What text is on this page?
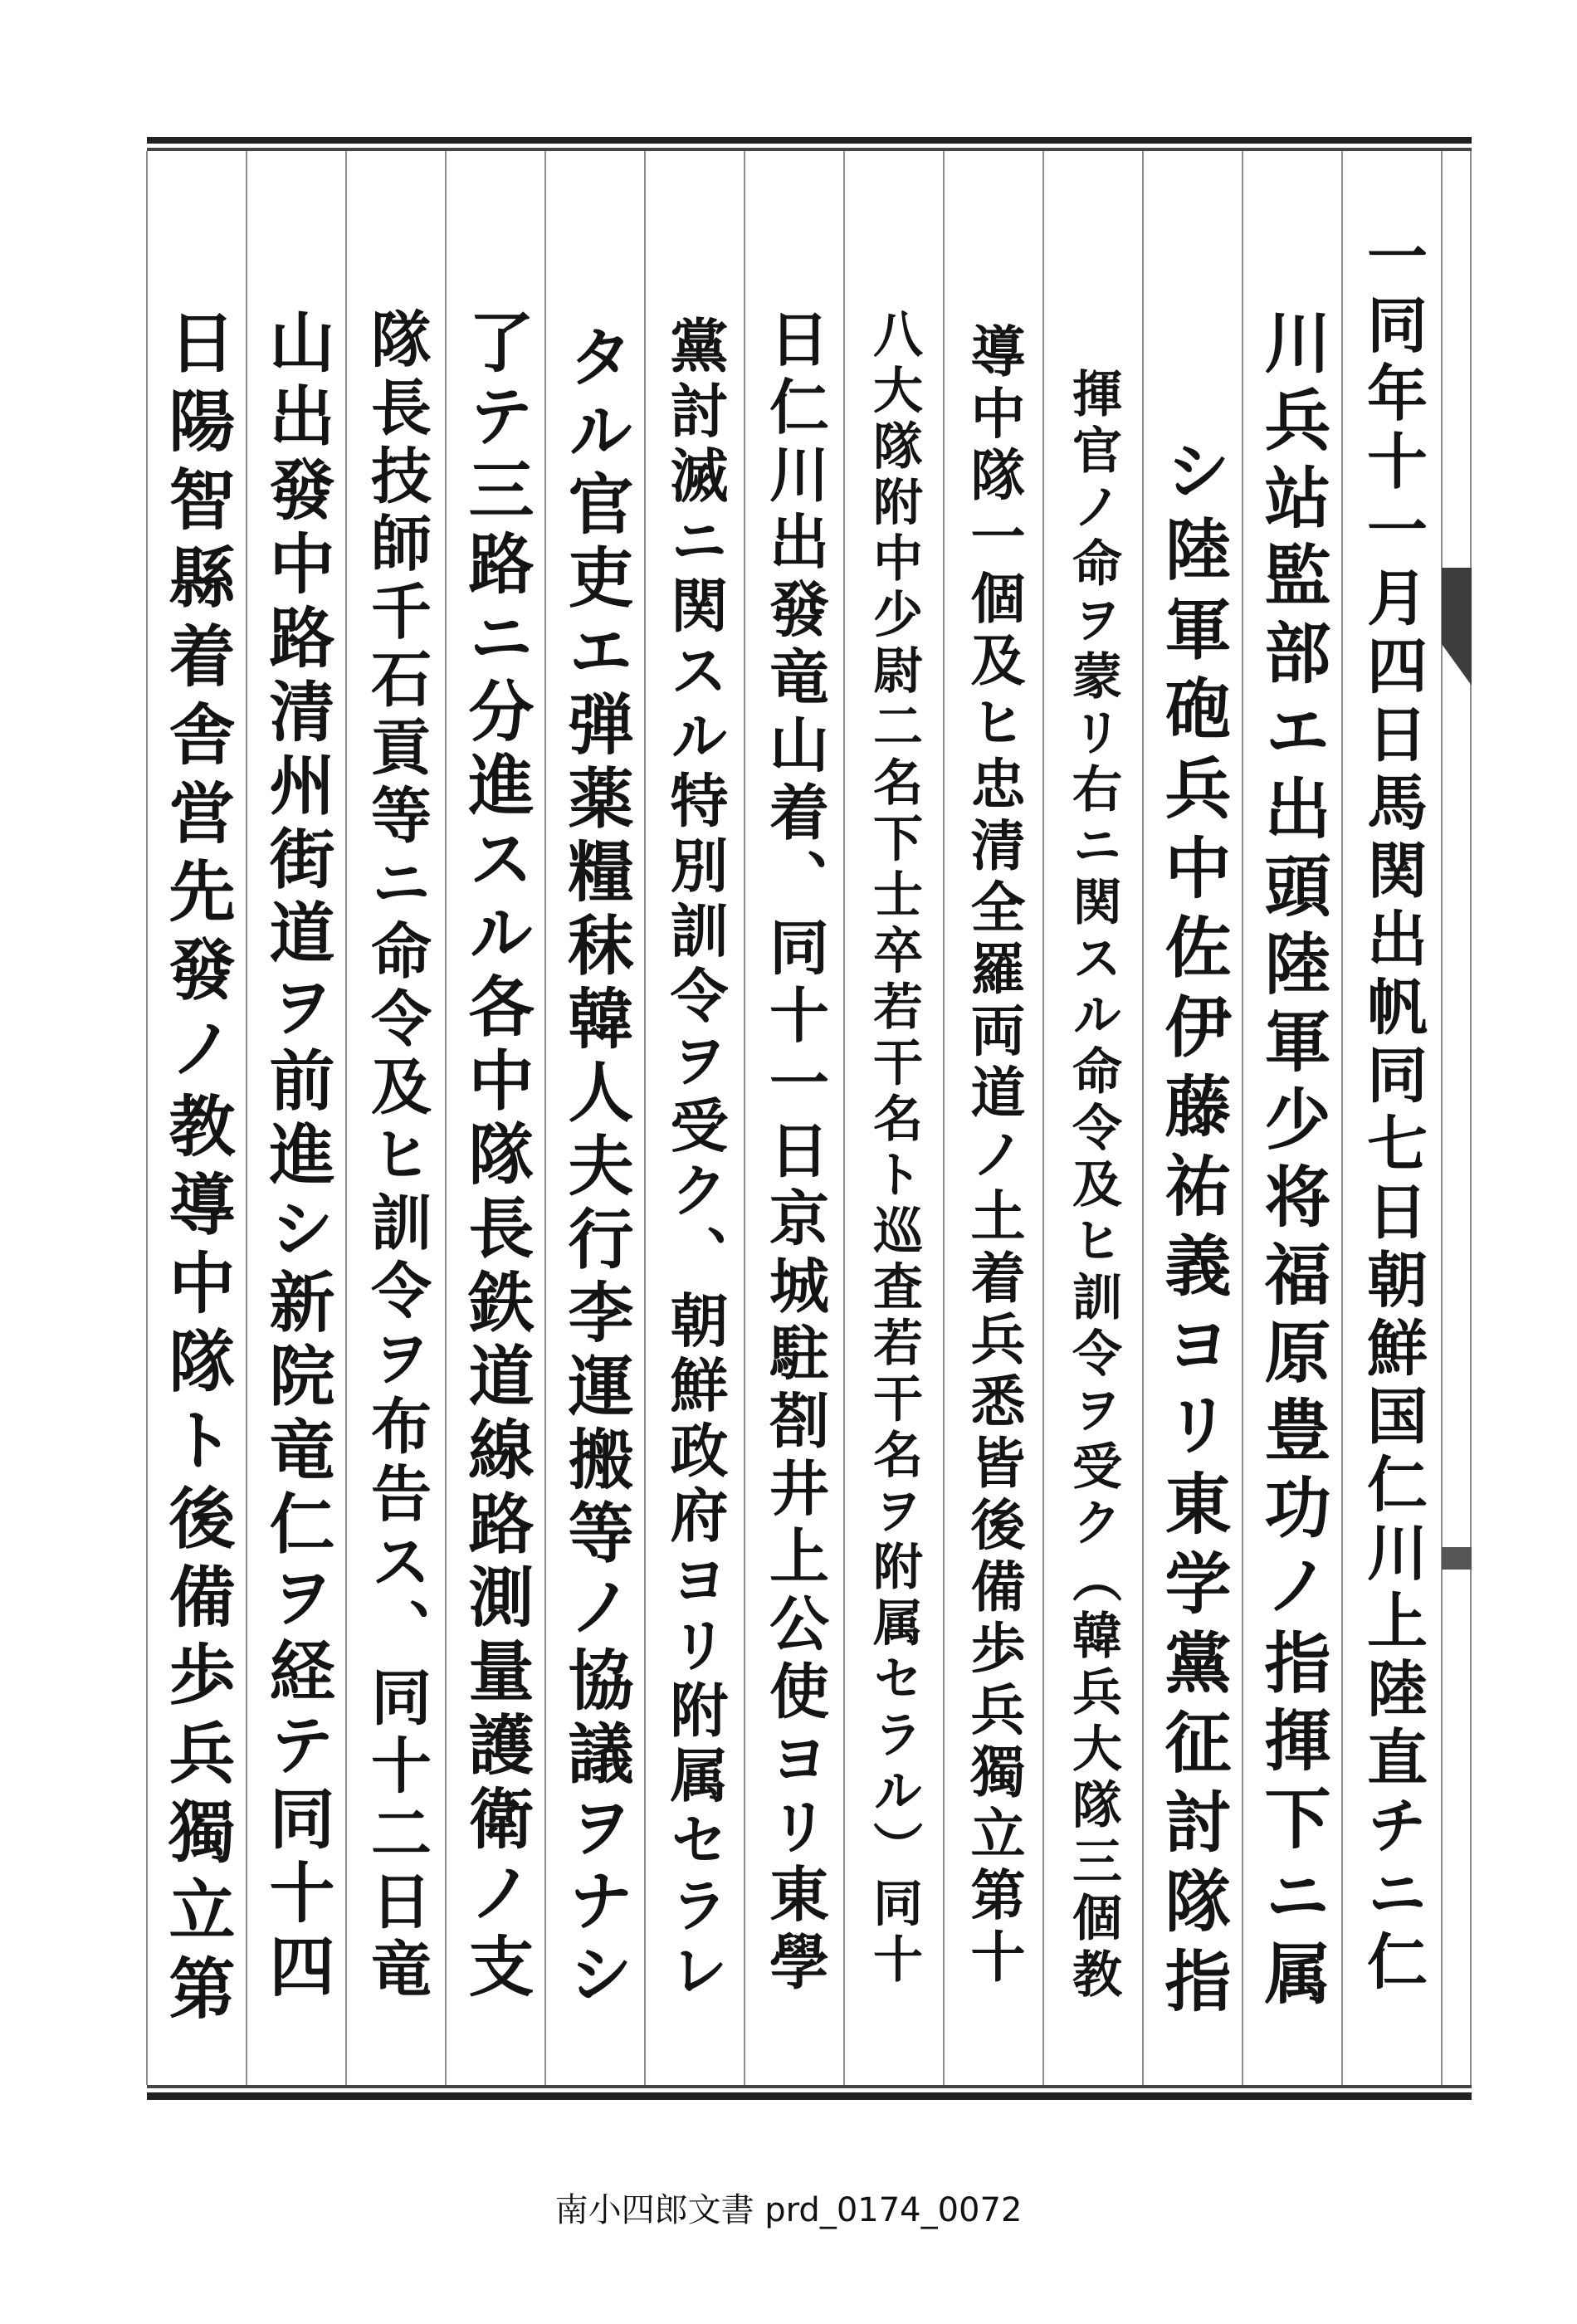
一同年十一月四日馬関出帆同七日朝鮮国仁川上陸直チニ仁
川兵站監部エ出頭陸軍少将福原豊功ノ指揮下ニ属
シ陸軍砲兵中佐伊藤祐義ヨリ東学黨征討隊指
揮官ノ命ヲ蒙リ右ニ関スル命令及ヒ訓令ヲ受ク（韓兵大隊三個教
導中隊一個及ヒ忠清全羅両道ノ土着兵悉皆後備歩兵獨立第十
八大隊附中少尉二名下士卒若干名ト巡査若干名ヲ附属セラル）同十
日仁川出發竜山着、同十一日京城駐剳井上公使ヨリ東學
黨討滅ニ関スル特別訓令ヲ受ク、朝鮮政府ヨリ附属セラレ
タル官吏エ弾薬糧秣韓人夫行李運搬等ノ協議ヲナシ
了テ三路ニ分進スル各中隊長鉄道線路測量護衛ノ支
隊長技師千石貢等ニ命令及ヒ訓令ヲ布告ス、同十二日竜
山出發中路清州街道ヲ前進シ新院竜仁ヲ経テ同十四
日陽智縣着舎営先發ノ教導中隊ト後備歩兵獨立第
南小四郎文書 prd_0174_0072
